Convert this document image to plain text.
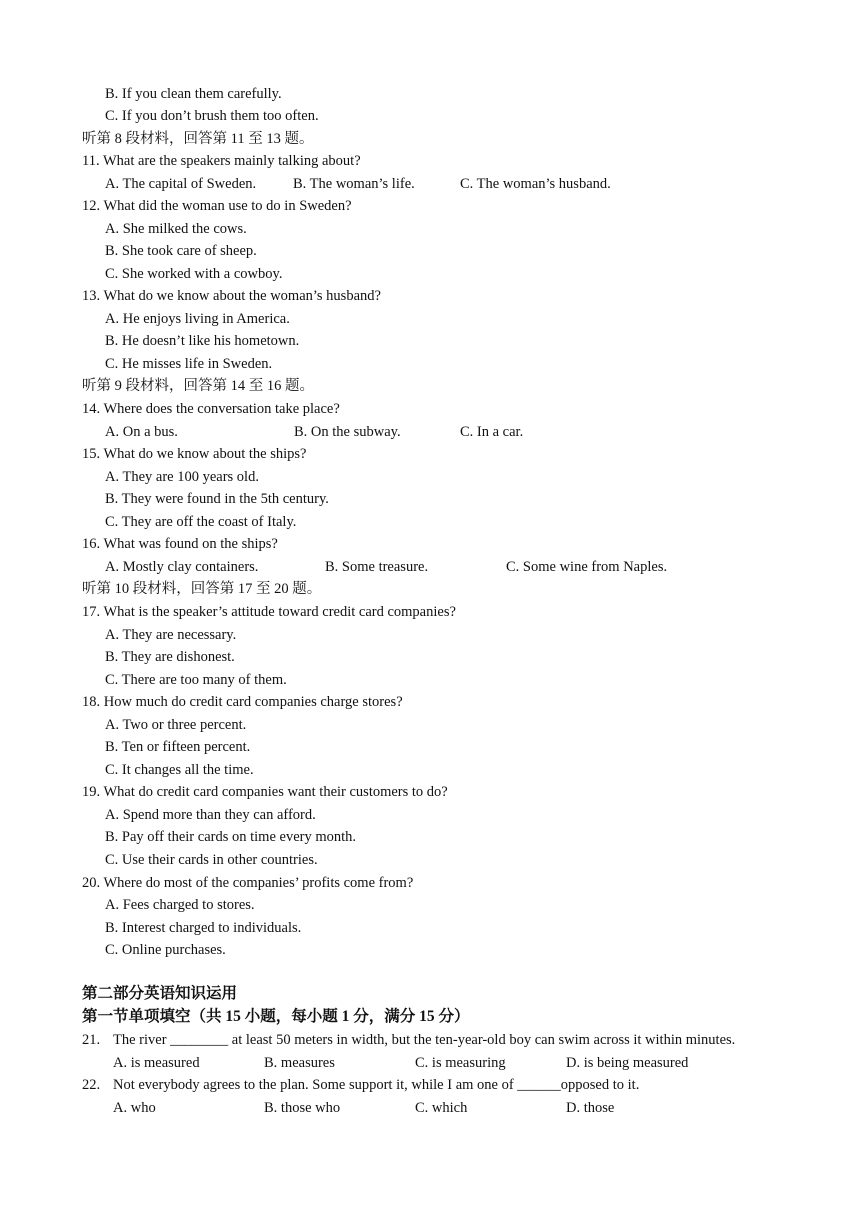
B. If you clean them carefully.
C. If you don’t brush them too often.
听第 8 段材料，回答第 11 至 13 题。
11. What are the speakers mainly talking about?
A. The capital of Sweden.	B. The woman’s life.	C. The woman’s husband.
12. What did the woman use to do in Sweden?
A. She milked the cows.
B. She took care of sheep.
C. She worked with a cowboy.
13. What do we know about the woman’s husband?
A. He enjoys living in America.
B. He doesn’t like his hometown.
C. He misses life in Sweden.
听第 9 段材料，回答第 14 至 16 题。
14. Where does the conversation take place?
A. On a bus.	B. On the subway.	C. In a car.
15. What do we know about the ships?
A. They are 100 years old.
B. They were found in the 5th century.
C. They are off the coast of Italy.
16. What was found on the ships?
A. Mostly clay containers.	B. Some treasure.	C. Some wine from Naples.
听第 10 段材料，回答第 17 至 20 题。
17. What is the speaker’s attitude toward credit card companies?
A. They are necessary.
B. They are dishonest.
C. There are too many of them.
18. How much do credit card companies charge stores?
A. Two or three percent.
B. Ten or fifteen percent.
C. It changes all the time.
19. What do credit card companies want their customers to do?
A. Spend more than they can afford.
B. Pay off their cards on time every month.
C. Use their cards in other countries.
20. Where do most of the companies’ profits come from?
A. Fees charged to stores.
B. Interest charged to individuals.
C. Online purchases.
第二部分英语知识运用
第一节单项填空（共 15 小题，每小题 1 分，满分 15 分）
21. The river ________ at least 50 meters in width, but the ten-year-old boy can swim across it within minutes.
A. is measured	B. measures	C. is measuring	D. is being measured
22. Not everybody agrees to the plan. Some support it, while I am one of ______opposed to it.
A. who	B. those who	C. which	D. those
